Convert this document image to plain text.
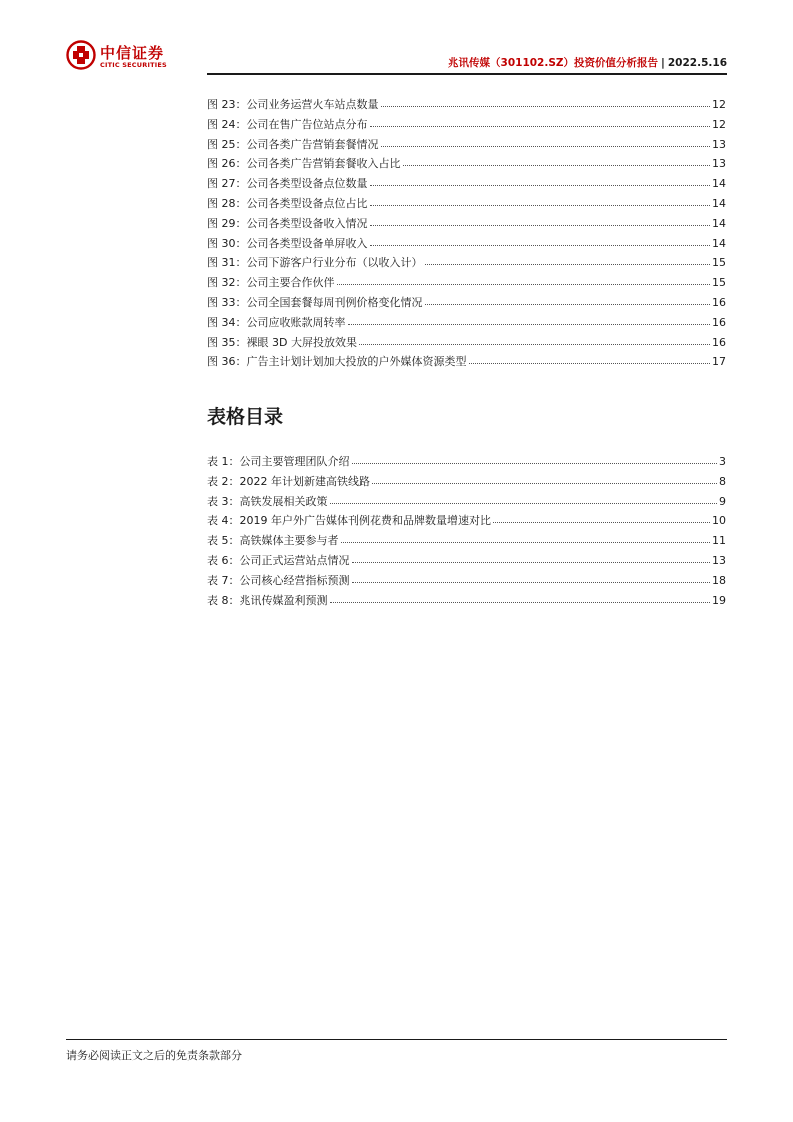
中信证券
CITIC SECURITIES	兆讯传媒（301102.SZ）投资价值分析报告 | 2022.5.16
图 23：公司业务运营火车站点数量	12
图 24：公司在售广告位站点分布	12
图 25：公司各类广告营销套餐情况	13
图 26：公司各类广告营销套餐收入占比	13
图 27：公司各类型设备点位数量	14
图 28：公司各类型设备点位占比	14
图 29：公司各类型设备收入情况	14
图 30：公司各类型设备单屏收入	14
图 31：公司下游客户行业分布（以收入计）	15
图 32：公司主要合作伙伴	15
图 33：公司全国套餐每周刊例价格变化情况	16
图 34：公司应收账款周转率	16
图 35：裸眼 3D 大屏投放效果	16
图 36：广告主计划计划加大投放的户外媒体资源类型	17
表格目录
表 1：公司主要管理团队介绍	3
表 2：2022 年计划新建高铁线路	8
表 3：高铁发展相关政策	9
表 4：2019 年户外广告媒体刊例花费和品牌数量增速对比	10
表 5：高铁媒体主要参与者	11
表 6：公司正式运营站点情况	13
表 7：公司核心经营指标预测	18
表 8：兆讯传媒盈利预测	19
请务必阅读正文之后的免责条款部分
